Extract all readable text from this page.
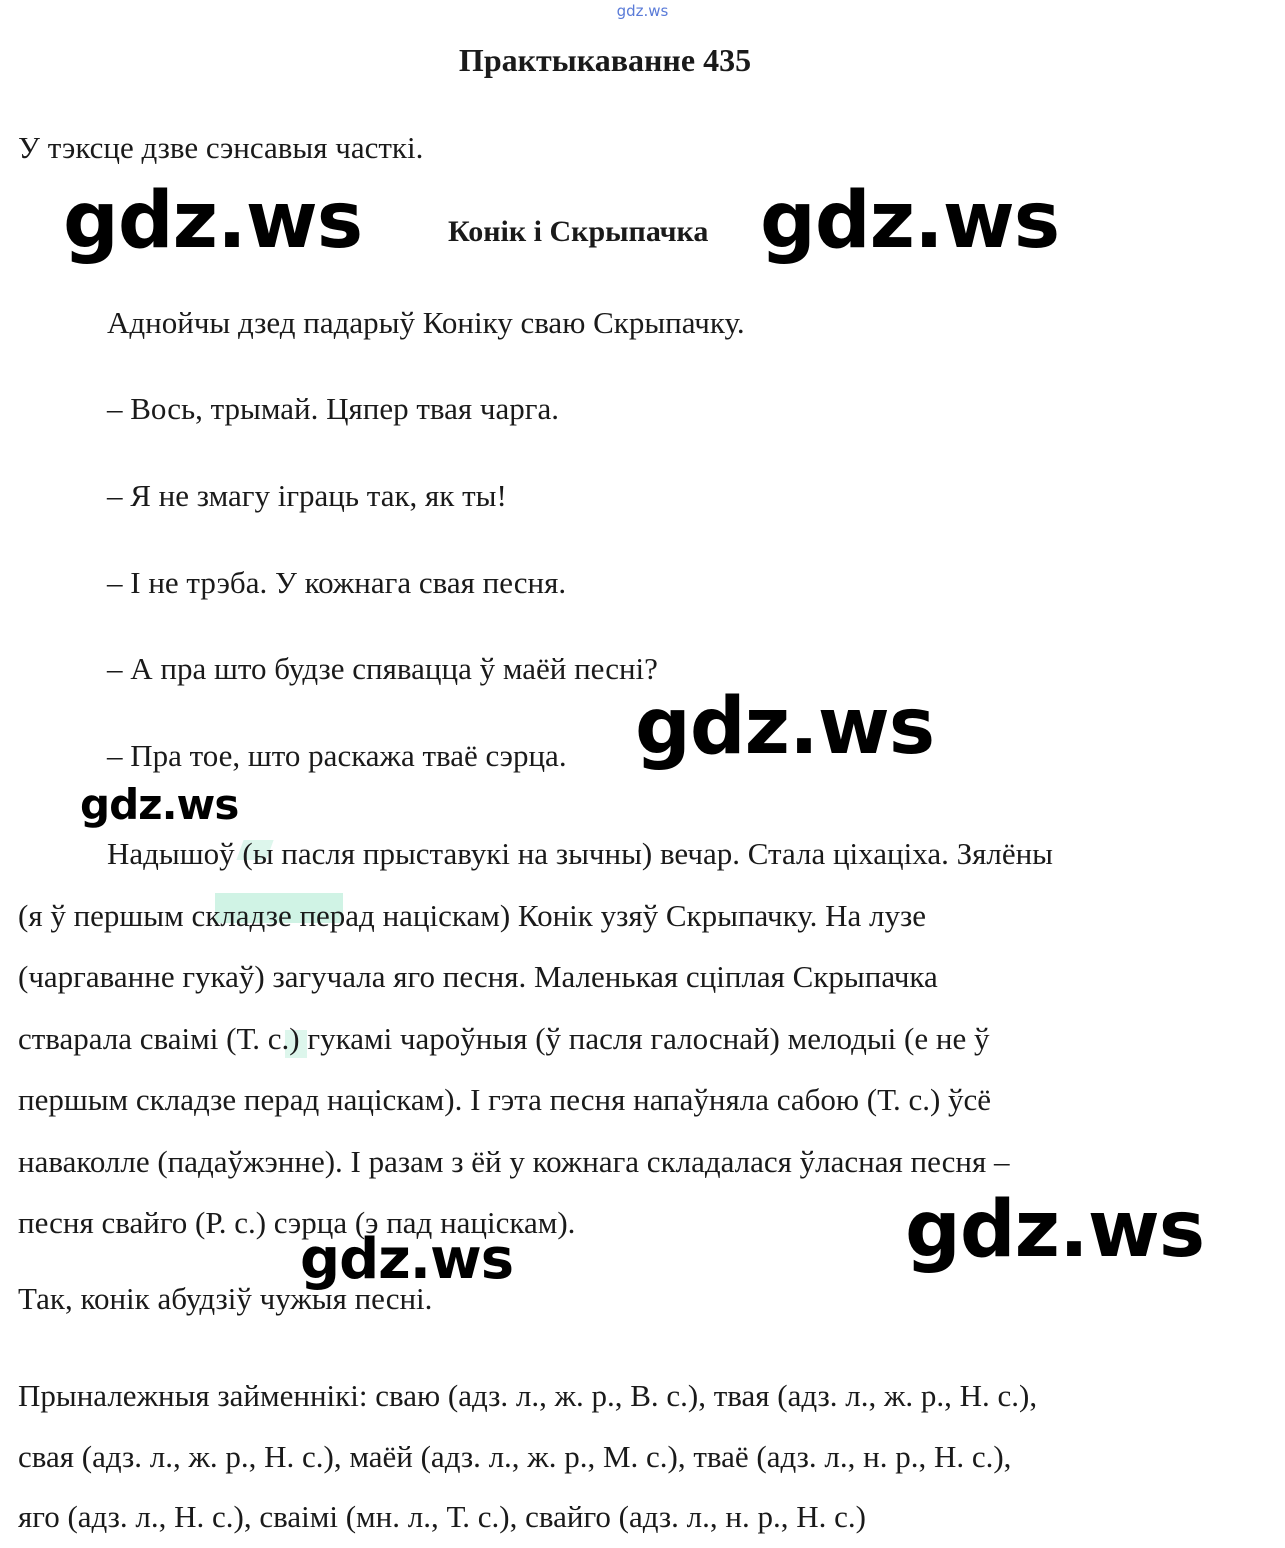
gdz.ws
Практыкаванне 435
У тэксце дзве сэнсавыя часткі.
Конік і Скрыпачка
Аднойчы дзед падарыў Коніку сваю Скрыпачку.
– Вось, трымай. Цяпер твая чарга.
– Я не змагу іграць так, як ты!
– І не трэба. У кожнага свая песня.
– А пра што будзе спявацца ў маёй песні?
– Пра тое, што раскажа тваё сэрца.

Надышоў (ы пасля прыставукі на зычны) вечар. Стала ціхаціха. Зялёны

(я ў першым складзе перад націскам) Конік узяў Скрыпачку. На лузе

(чаргаванне гукаў) загучала яго песня. Маленькая сціплая Скрыпачка

стварала сваімі (Т. с.) гукамі чароўныя (ў пасля галоснай) мелодыі (е не ў

першым складзе перад націскам). І гэта песня напаўняла сабою (Т. с.) ўсё

наваколле (падаўжэнне). І разам з ёй у кожнага складалася ўласная песня –

песня свайго (Р. с.) сэрца (э пад націскам).

Так, конік абудзіў чужыя песні.

Прыналежныя займеннікі: сваю (адз. л., ж. р., В. с.), твая (адз. л., ж. р., Н. с.),

свая (адз. л., ж. р., Н. с.), маёй (адз. л., ж. р., М. с.), тваё (адз. л., н. р., Н. с.),

яго (адз. л., Н. с.), сваімі (мн. л., Т. с.), свайго (адз. л., н. р., Н. с.)

gdz.ws	gdz.ws
gdz.ws
gdz.ws
gdz.ws
gdz.ws
